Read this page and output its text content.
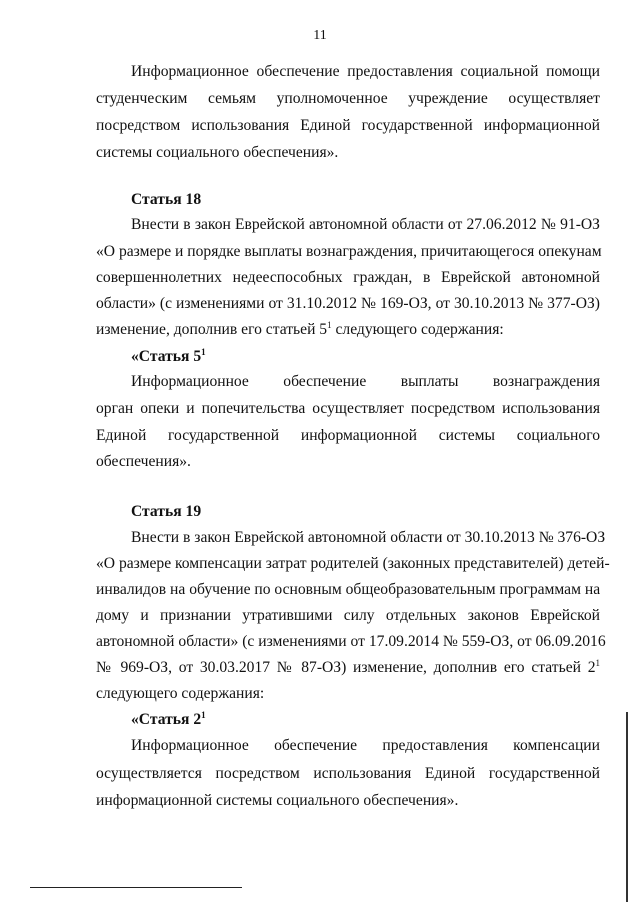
11
Информационное обеспечение предоставления социальной помощи
студенческим семьям уполномоченное учреждение осуществляет
посредством использования Единой государственной информационной
системы социального обеспечения».
Статья 18
Внести в закон Еврейской автономной области от 27.06.2012 № 91-ОЗ
«О размере и порядке выплаты вознаграждения, причитающегося опекунам
совершеннолетних недееспособных граждан, в Еврейской автономной
области» (с изменениями от 31.10.2012 № 169-ОЗ, от 30.10.2013 № 377-ОЗ)
изменение, дополнив его статьей $5^1$ следующего содержания:
«Статья $5^1$
Информационное обеспечение выплаты вознаграждения
орган опеки и попечительства осуществляет посредством использования
Единой государственной информационной системы социального
обеспечения».
Статья 19
Внести в закон Еврейской автономной области от 30.10.2013 № 376-ОЗ
«О размере компенсации затрат родителей (законных представителей) детей-
инвалидов на обучение по основным общеобразовательным программам на
дому и признании утратившими силу отдельных законов Еврейской
автономной области» (с изменениями от 17.09.2014 № 559-ОЗ, от 06.09.2016
№ 969-ОЗ, от 30.03.2017 № 87-ОЗ) изменение, дополнив его статьей $2^1$
следующего содержания:
«Статья $2^1$
Информационное обеспечение предоставления компенсации
осуществляется посредством использования Единой государственной
информационной системы социального обеспечения».
